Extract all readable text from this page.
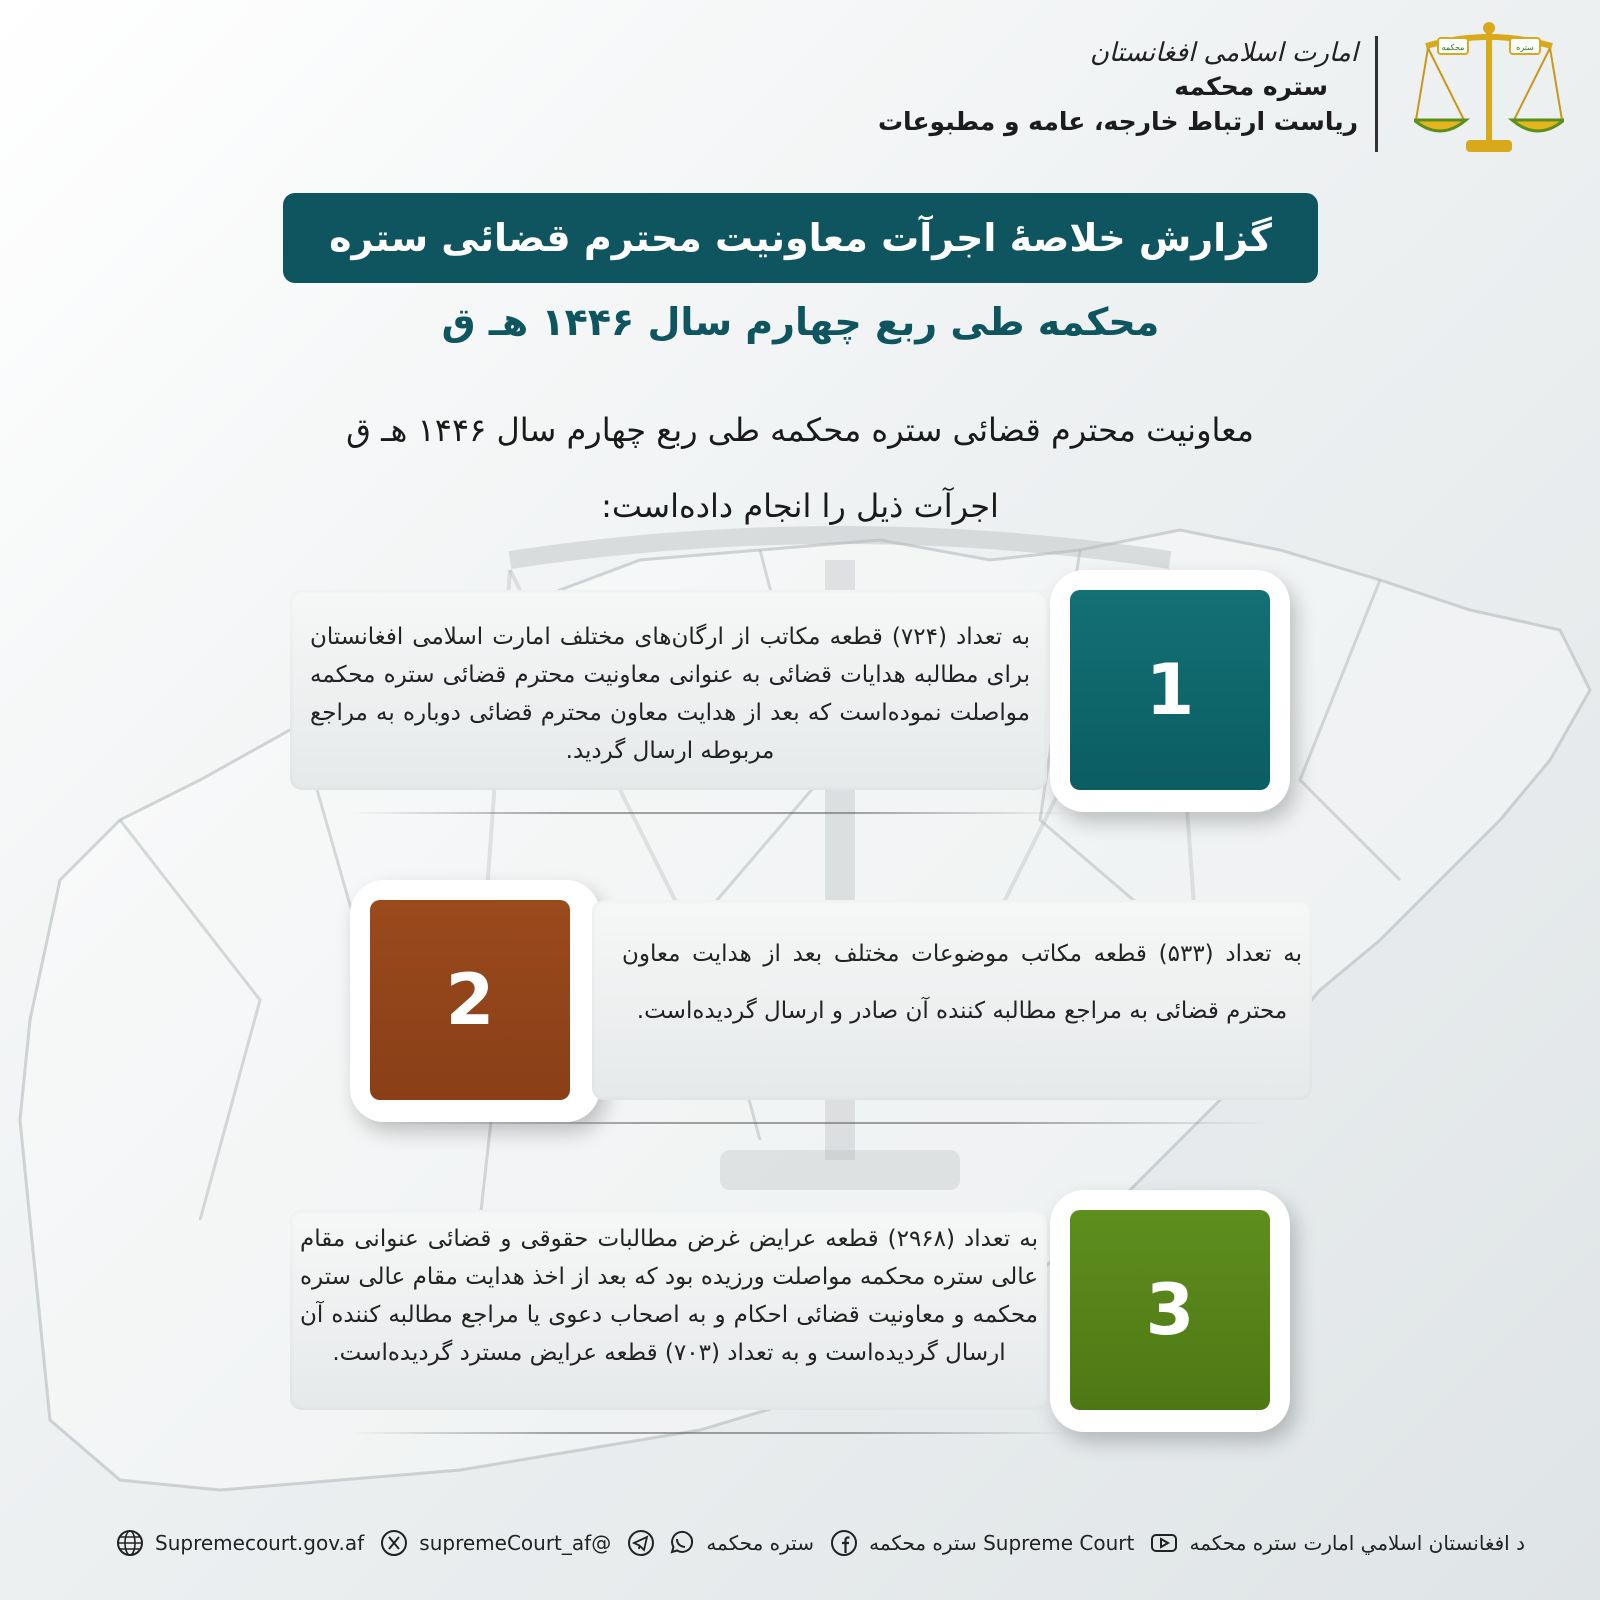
محکمه	ستره
امارت اسلامی افغانستان
ستره محکمه
ریاست ارتباط خارجه، عامه و مطبوعات
گزارش خلاصۀ اجرآت معاونیت محترم قضائی ستره
محکمه طی ربع چهارم سال ۱۴۴۶ هـ ق
معاونیت محترم قضائی ستره محکمه طی ربع چهارم سال ۱۴۴۶ هـ ق
اجرآت ذیل را انجام داده‌است:

به تعداد (۷۲۴) قطعه مکاتب از ارگان‌های مختلف امارت اسلامی افغانستان برای مطالبه هدایات قضائی به عنوانی معاونیت محترم قضائی ستره محکمه مواصلت نموده‌است که بعد از هدایت معاون محترم قضائی دوباره به مراجع مربوطه ارسال گردید.

1

به تعداد (۵۳۳) قطعه مکاتب موضوعات مختلف بعد از هدایت معاون محترم قضائی به مراجع مطالبه کننده آن صادر و ارسال گردیده‌است.

2

به تعداد (۲۹۶۸) قطعه عرایض غرض مطالبات حقوقی و قضائی عنوانی مقام عالی ستره محکمه مواصلت ورزیده بود که بعد از اخذ هدایت مقام عالی ستره محکمه و معاونیت قضائی احکام و به اصحاب دعوی یا مراجع مطالبه کننده آن ارسال گردیده‌است و به تعداد (۷۰۳) قطعه عرایض مسترد گردیده‌است.

3
د افغانستان اسلامي امارت ستره محکمه
Supreme Court ستره محکمه
ستره محکمه
@supremeCourt_af
Supremecourt.gov.af
